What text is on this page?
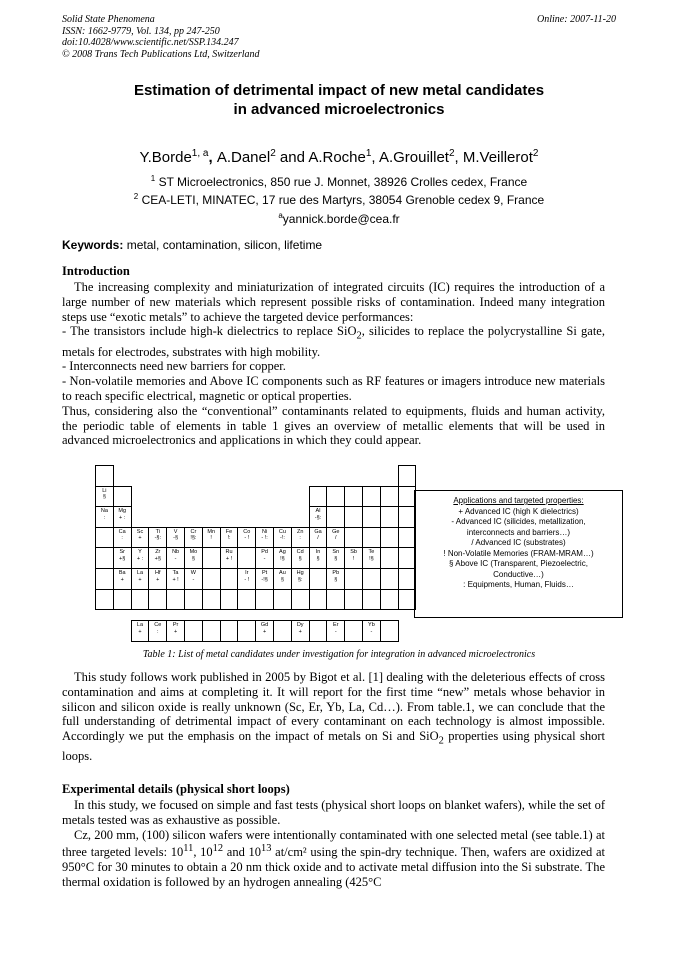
Solid State Phenomena
ISSN: 1662-9779, Vol. 134, pp 247-250
doi:10.4028/www.scientific.net/SSP.134.247
© 2008 Trans Tech Publications Ltd, Switzerland
Online: 2007-11-20
Estimation of detrimental impact of new metal candidates
in advanced microelectronics
Y.Borde$^{1, a}$, A.Danel$^2$ and A.Roche$^1$, A.Grouillet$^2$, M.Veillerot$^2$
$^1$ ST Microelectronics, 850 rue J. Monnet, 38926 Crolles cedex, France
$^2$ CEA-LETI, MINATEC, 17 rue des Martyrs, 38054 Grenoble cedex 9, France
$^a$yannick.borde@cea.fr
Keywords: metal, contamination, silicon, lifetime
Introduction

The increasing complexity and miniaturization of integrated circuits (IC) requires the introduction of a large number of new materials which represent possible risks of contamination. Indeed many integration steps use “exotic metals” to achieve the targeted device performances:

- The transistors include high-k dielectrics to replace SiO$_2$, silicides to replace the polycrystalline Si gate, metals for electrodes, substrates with high mobility.

- Interconnects need new barriers for copper.

- Non-volatile memories and Above IC components such as RF features or imagers introduce new materials to reach specific electrical, magnetic or optical properties.

Thus, considering also the “conventional” contaminants related to equipments, fluids and human activity, the periodic table of elements in table 1 gives an overview of metallic elements that will be used in advanced microelectronics and applications in which they could appear.

Li
§
Na
:
Mg
+ :
Al
-§:
Ca
:
Sc
+
Ti
-§:
V
-§
Cr
!§:
Mn
!
Fe
!:
Co
- !
Ni
- !:
Cu
-!:
Zn
:
Ga
/
Ge
/
Sr
+§
Y
+ :
Zr
+§
Nb
-
Mo
§
Ru
+ !
Pd
-
Ag
!§
Cd
§
In
§
Sn
§
Sb
!
Te
!§
Ba
+
La
+
Hf
+
Ta
+ !
W
-
Ir
- !
Pt
-!§
Au
§
Hg
§:
Pb
§
La
+
Ce
:
Pr
+
Gd
+
Dy
+
Er
-
Yb
-
Applications and targeted properties:
+ Advanced IC (high K dielectrics)
- Advanced IC (silicides, metallization,
interconnects and barriers…)
/ Advanced IC (substrates)
! Non-Volatile Memories (FRAM-MRAM…)
§ Above IC (Transparent, Piezoelectric,
Conductive…)
: Equipments, Human, Fluids…
Table 1: List of metal candidates under investigation for integration in advanced microelectronics

This study follows work published in 2005 by Bigot et al. [1] dealing with the deleterious effects of cross contamination and aims at completing it. It will report for the first time “new” metals whose behavior in silicon and silicon oxide is really unknown (Sc, Er, Yb, La, Cd…). From table.1, we can conclude that the full understanding of detrimental impact of every contaminant on each technology is almost impossible. Accordingly we put the emphasis on the impact of metals on Si and SiO$_2$ properties using physical short loops.

Experimental details (physical short loops)

In this study, we focused on simple and fast tests (physical short loops on blanket wafers), while the set of metals tested was as exhaustive as possible.

Cz, 200 mm, (100) silicon wafers were intentionally contaminated with one selected metal (see table.1) at three targeted levels: $10^{11}$, $10^{12}$ and $10^{13}$ at/cm² using the spin-dry technique. Then, wafers are oxidized at 950°C for 30 minutes to obtain a 20 nm thick oxide and to activate metal diffusion into the Si substrate. The thermal oxidation is followed by an hydrogen annealing (425°C
